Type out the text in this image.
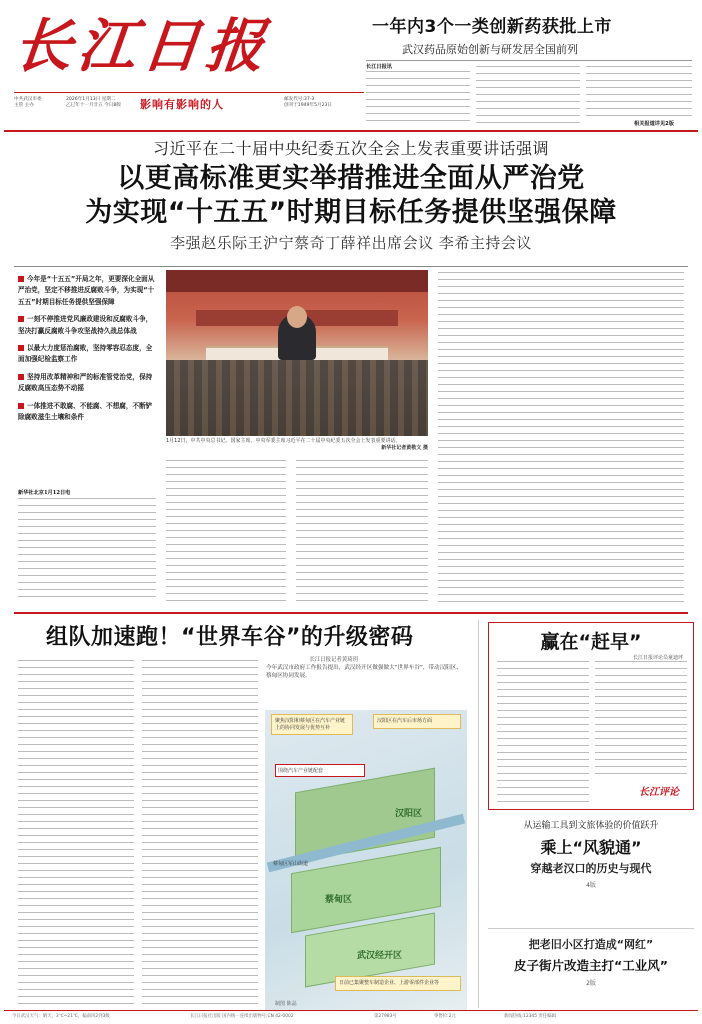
长江日报
中共武汉市委
主管 主办
2026年1月13日 星期二
乙巳年十一月廿五 今日8版 影响有影响的人	邮发代号:37-3
创刊于1949年5月23日
一年内3个一类创新药获批上市
武汉药品原始创新与研发居全国前列
长江日报讯
相关报道详见2版
习近平在二十届中央纪委五次全会上发表重要讲话强调
以更高标准更实举措推进全面从严治党
为实现“十五五”时期目标任务提供坚强保障
李强赵乐际王沪宁蔡奇丁薛祥出席会议 李希主持会议
今年是“十五五”开局之年，更要深化全面从严治党，坚定不移推进反腐败斗争，为实现“十五五”时期目标任务提供坚强保障
一刻不停推进党风廉政建设和反腐败斗争，坚决打赢反腐败斗争攻坚战持久战总体战
以最大力度惩治腐败，坚持零容忍态度，全面加强纪检监察工作
坚持用改革精神和严的标准管党治党，保持反腐败高压态势不动摇
一体推进不敢腐、不能腐、不想腐，不断铲除腐败滋生土壤和条件
1月12日，中共中央总书记、国家主席、中央军委主席习近平在二十届中央纪委五次全会上发表重要讲话。
新华社记者黄敬文 摄
新华社北京1月12日电
组队加速跑！“世界车谷”的升级密码
长江日报记者黄琦玥
今年武汉市政府工作报告提出，武汉经开区做强做大“世界车谷”，带动汉阳区、蔡甸区协同发展。
聚焦汉阳和蔡甸区在汽车产业链上的协同发展与优势互补
汉阳区在汽车后市场方面
围绕汽车产业链配套
汉阳区
蔡甸区
武汉经开区
蔡甸区军山街道
日前已集聚整车制造企业、上游零部件企业等
制图 陈晶
赢在“赶早”
长江日报评论员童迪坪
长江评论
从运输工具到文旅体验的价值跃升
乘上“风貌通”
穿越老汉口的历史与现代
4版
把老旧小区打造成“网红”
皮子街片改造主打“工业风”
2版
今日武汉天气：晴天，3℃~21℃，偏南风2到3级	长江日报社出版 国内统一连续出版物号:CN 42-0002	第27983号	零售价:2元	新闻热线:12345 责任编辑
